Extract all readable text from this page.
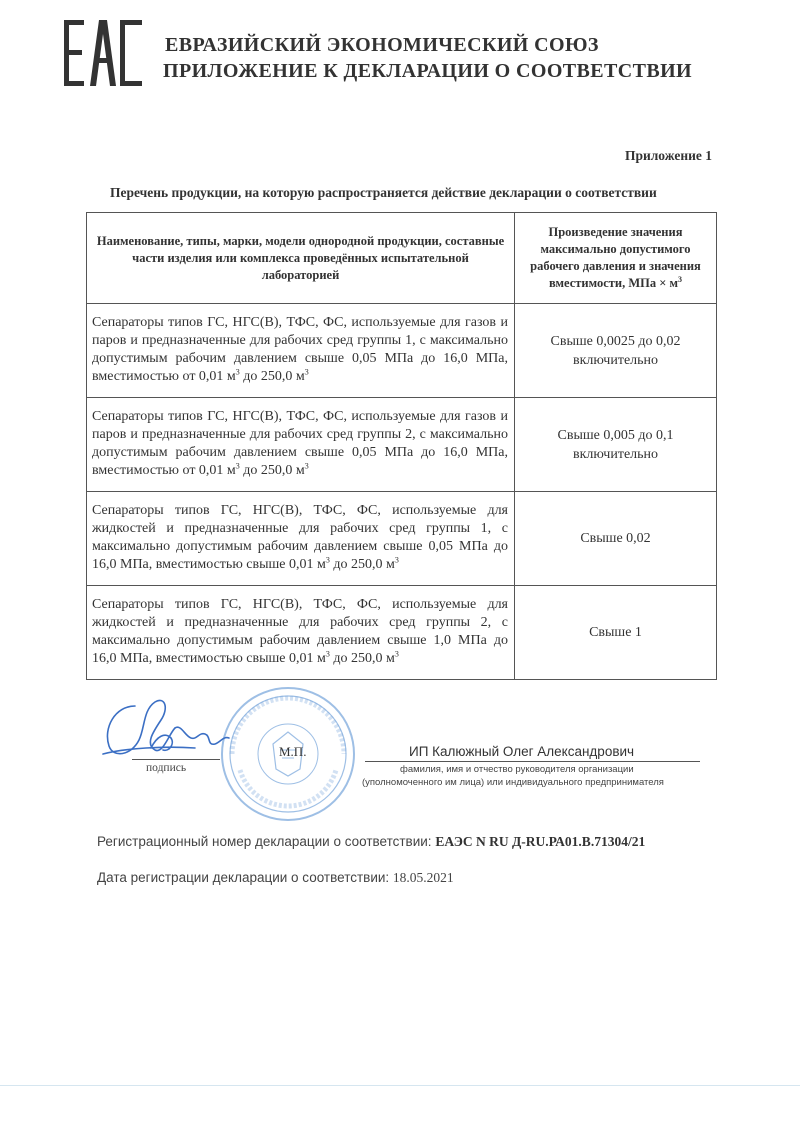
ЕВРАЗИЙСКИЙ ЭКОНОМИЧЕСКИЙ СОЮЗ
ПРИЛОЖЕНИЕ К ДЕКЛАРАЦИИ О СООТВЕТСТВИИ
Приложение 1
Перечень продукции, на которую распространяется действие декларации о соответствии
Наименование, типы, марки, модели однородной продукции, составные части изделия или комплекса проведённых испытательной лабораторией	Произведение значения максимально допустимого рабочего давления и значения вместимости, МПа × $м^3$
Сепараторы типов ГС, НГС(В), ТФС, ФС, используемые для газов и паров и предназначенные для рабочих сред группы 1, с максимально допустимым рабочим давлением свыше 0,05 МПа до 16,0 МПа, вместимостью от 0,01 $м^3$ до 250,0 $м^3$	Свыше 0,0025 до 0,02 включительно
Сепараторы типов ГС, НГС(В), ТФС, ФС, используемые для газов и паров и предназначенные для рабочих сред группы 2, с максимально допустимым рабочим давлением свыше 0,05 МПа до 16,0 МПа, вместимостью от 0,01 $м^3$ до 250,0 $м^3$	Свыше 0,005 до 0,1 включительно
Сепараторы типов ГС, НГС(В), ТФС, ФС, используемые для жидкостей и предназначенные для рабочих сред группы 1, с максимально допустимым рабочим давлением свыше 0,05 МПа до 16,0 МПа, вместимостью свыше 0,01 $м^3$ до 250,0 $м^3$	Свыше 0,02
Сепараторы типов ГС, НГС(В), ТФС, ФС, используемые для жидкостей и предназначенные для рабочих сред группы 2, с максимально допустимым рабочим давлением свыше 1,0 МПа до 16,0 МПа, вместимостью свыше 0,01 $м^3$ до 250,0 $м^3$	Свыше 1
М.П.
подпись
ИП Калюжный Олег Александрович
фамилия, имя и отчество руководителя организации
(уполномоченного им лица) или индивидуального предпринимателя
Регистрационный номер декларации о соответствии: ЕАЭС N RU Д-RU.РА01.В.71304/21
Дата регистрации декларации о соответствии: 18.05.2021
